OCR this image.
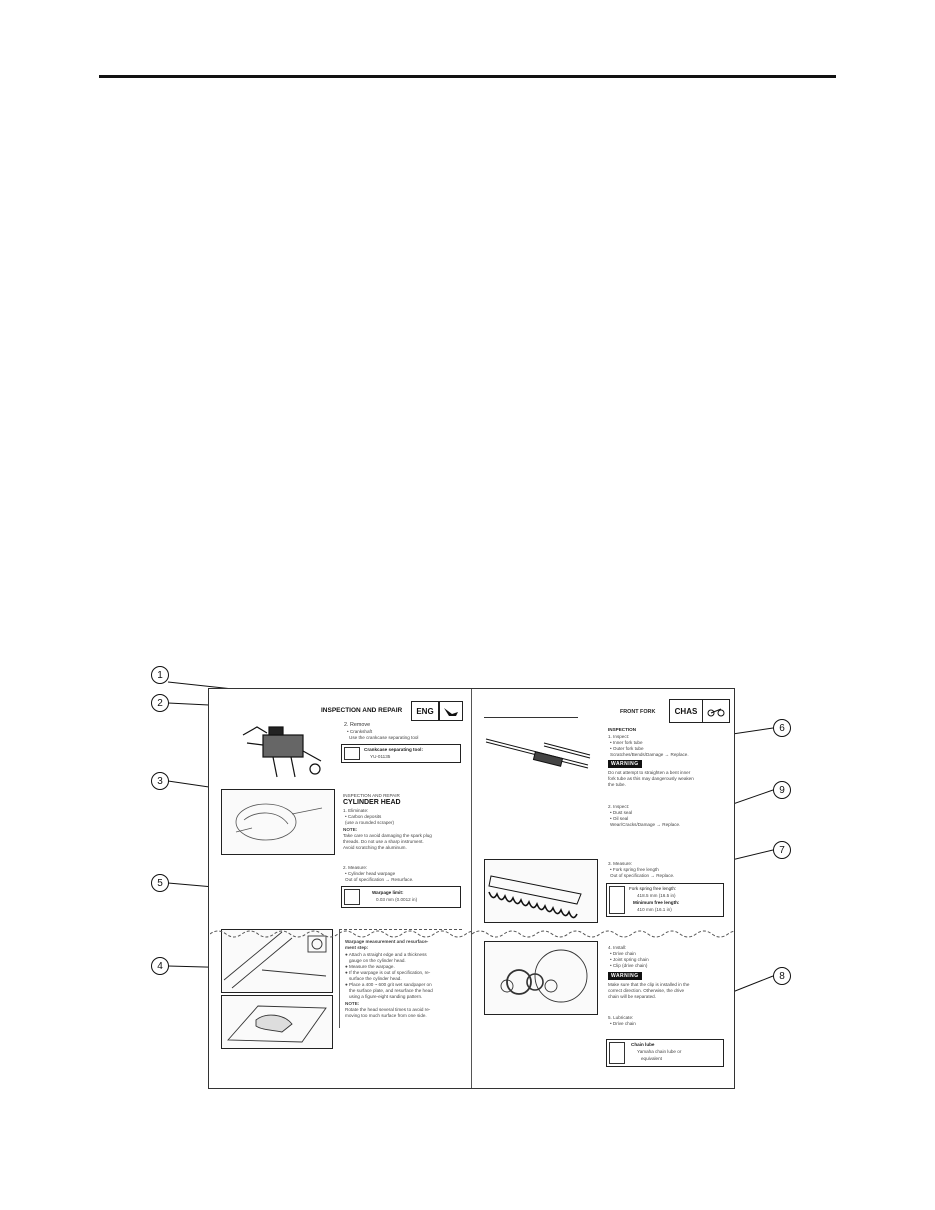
1
2
3
4
5
6
7
8
9
INSPECTION AND REPAIR	ENG
2. Remove
• Crankshaft
Use the crankcase separating tool
Crankcase separating tool:
YU-01135
INSPECTION AND REPAIR
CYLINDER HEAD
1. Eliminate:
• Carbon deposits
(use a rounded scraper)
NOTE:
Take care to avoid damaging the spark plug
threads. Do not use a sharp instrument.
Avoid scratching the aluminum.
2. Measure:
• Cylinder head warpage
Out of specification → Resurface.
Warpage limit:
0.03 mm (0.0012 in)
Warpage measurement and resurface-
ment step:
● Attach a straight edge and a thickness
gauge on the cylinder head.
● Measure the warpage.
● If the warpage is out of specification, re-
surface the cylinder head.
● Place a 400 ~ 600 grit wet sandpaper on
the surface plate, and resurface the head
using a figure-eight sanding pattern.
NOTE:
Rotate the head several times to avoid re-
moving too much surface from one side.
FRONT FORK	CHAS
INSPECTION
1. Inspect:
• Inner fork tube
• Outer fork tube
Scratches/Bends/Damage → Replace.
WARNING
Do not attempt to straighten a bent inner
fork tube as this may dangerously weaken
the tube.
2. Inspect:
• Dust seal
• Oil seal
Wear/Cracks/Damage → Replace.
3. Measure:
• Fork spring free length
Out of specification → Replace.
Fork spring free length:
418.5 mm (16.5 in)
Minimum free length:
410 mm (16.1 in)
4. Install:
• Drive chain
• Joint spring chain
• Clip (drive chain)
WARNING
Make sure that the clip is installed in the
correct direction. Otherwise, the drive
chain will be separated.
5. Lubricate:
• Drive chain
Chain lube
Yamaha chain lube or
equivalent
